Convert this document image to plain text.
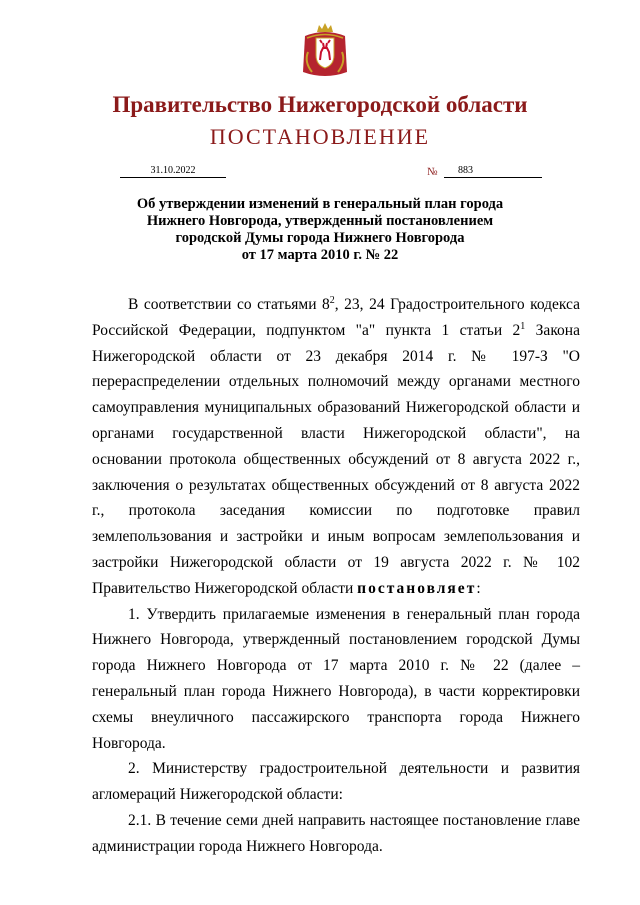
Правительство Нижегородской области
ПОСТАНОВЛЕНИЕ
31.10.2022	№	883
Об утверждении изменений в генеральный план города
Нижнего Новгорода, утвержденный постановлением
городской Думы города Нижнего Новгорода
от 17 марта 2010 г. № 22

В соответствии со статьями $8^2$, 23, 24 Градостроительного кодекса Российской Федерации, подпунктом "а" пункта 1 статьи $2^1$ Закона Нижегородской области от 23 декабря 2014 г. № 197-З "О перераспределении отдельных полномочий между органами местного самоуправления муниципальных образований Нижегородской области и органами государственной власти Нижегородской области", на основании протокола общественных обсуждений от 8 августа 2022 г., заключения о результатах общественных обсуждений от 8 августа 2022 г., протокола заседания комиссии по подготовке правил землепользования и застройки и иным вопросам землепользования и застройки Нижегородской области от 19 августа 2022 г. № 102 Правительство Нижегородской области постановляет:

1. Утвердить прилагаемые изменения в генеральный план города Нижнего Новгорода, утвержденный постановлением городской Думы города Нижнего Новгорода от 17 марта 2010 г. № 22 (далее – генеральный план города Нижнего Новгорода), в части корректировки схемы внеуличного пассажирского транспорта города Нижнего Новгорода.

2. Министерству градостроительной деятельности и развития агломераций Нижегородской области:

2.1. В течение семи дней направить настоящее постановление главе администрации города Нижнего Новгорода.
